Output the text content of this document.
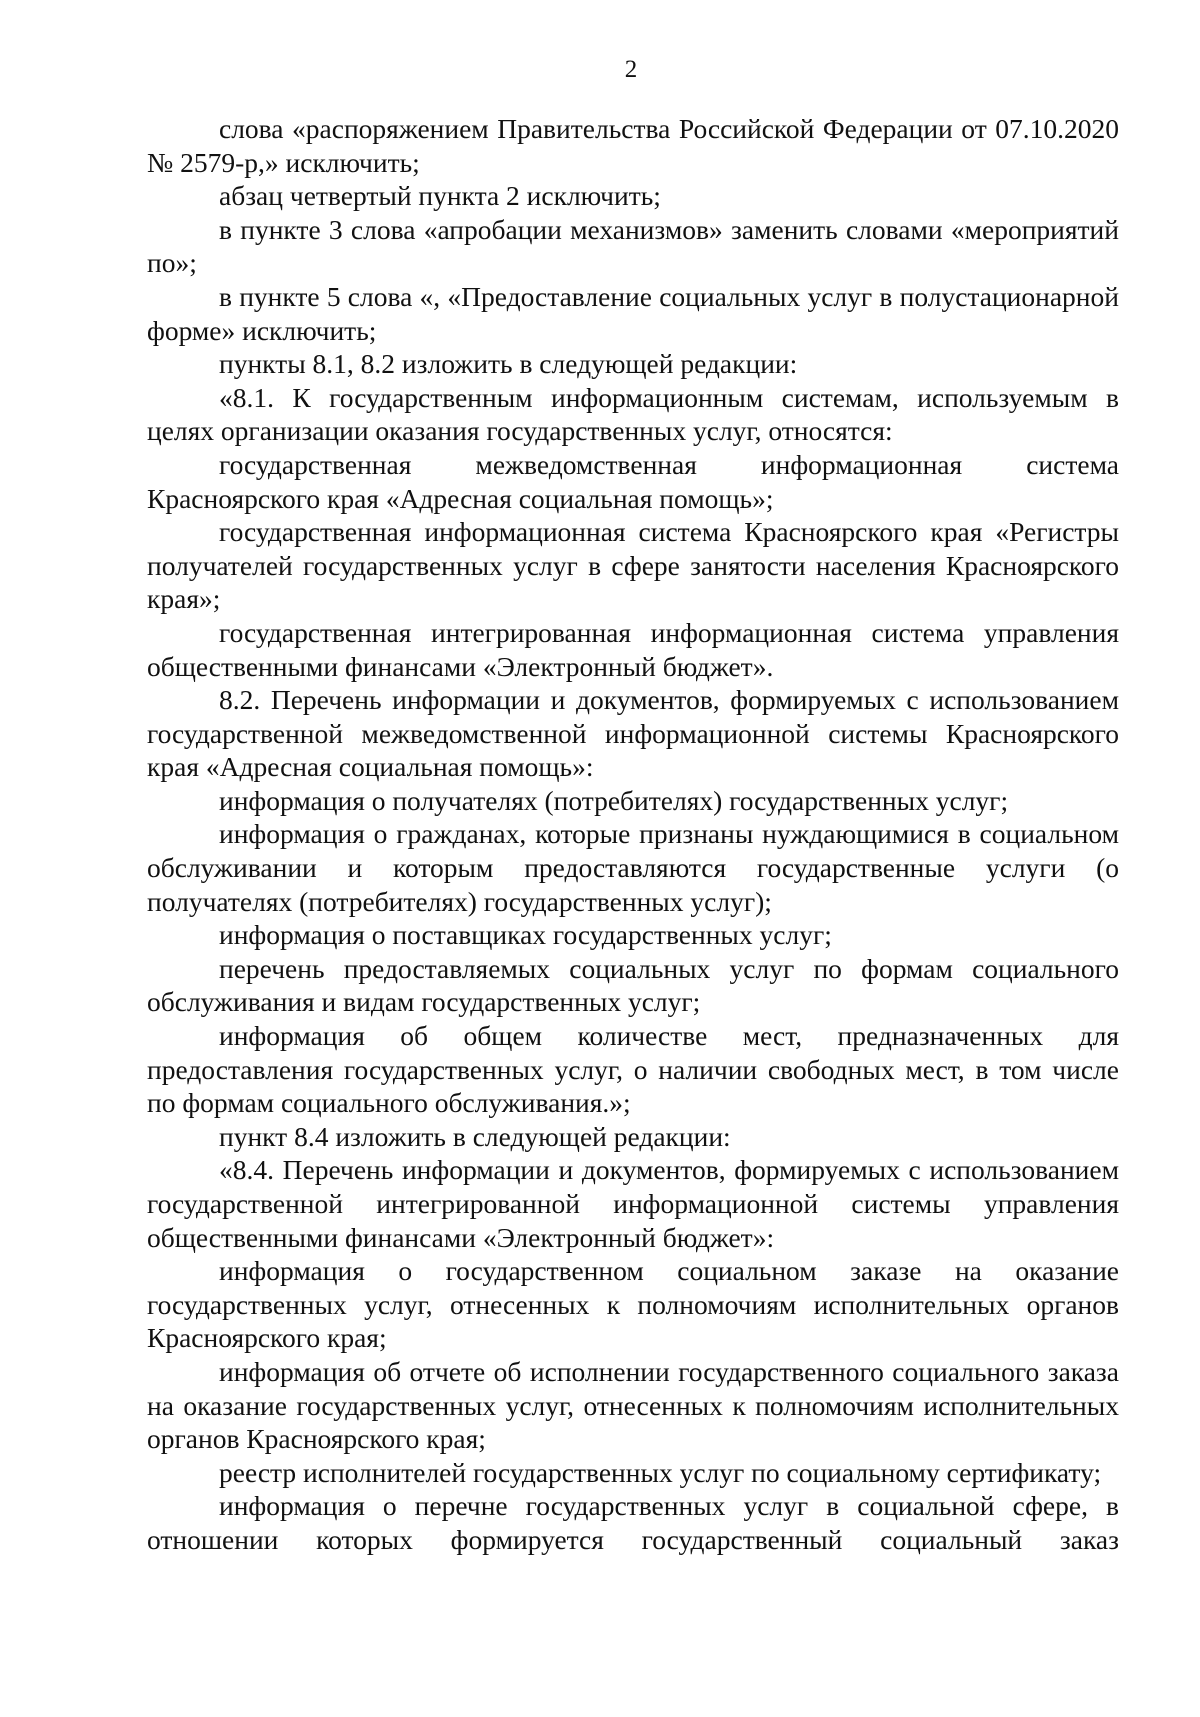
2

слова «распоряжением Правительства Российской Федерации от 07.10.2020 № 2579-р,» исключить;

абзац четвертый пункта 2 исключить;

в пункте 3 слова «апробации механизмов» заменить словами «мероприятий по»;

в пункте 5 слова «, «Предоставление социальных услуг в полустационарной форме» исключить;

пункты 8.1, 8.2 изложить в следующей редакции:

«8.1. К государственным информационным системам, используемым в целях организации оказания государственных услуг, относятся:

государственная межведомственная информационная система Красноярского края «Адресная социальная помощь»;

государственная информационная система Красноярского края «Регистры получателей государственных услуг в сфере занятости населения Красноярского края»;

государственная интегрированная информационная система управления общественными финансами «Электронный бюджет».

8.2. Перечень информации и документов, формируемых с использованием государственной межведомственной информационной системы Красноярского края «Адресная социальная помощь»:

информация о получателях (потребителях) государственных услуг;

информация о гражданах, которые признаны нуждающимися в социальном обслуживании и которым предоставляются государственные услуги (о получателях (потребителях) государственных услуг);

информация о поставщиках государственных услуг;

перечень предоставляемых социальных услуг по формам социального обслуживания и видам государственных услуг;

информация об общем количестве мест, предназначенных для предоставления государственных услуг, о наличии свободных мест, в том числе по формам социального обслуживания.»;

пункт 8.4 изложить в следующей редакции:

«8.4. Перечень информации и документов, формируемых с использованием государственной интегрированной информационной системы управления общественными финансами «Электронный бюджет»:

информация о государственном социальном заказе на оказание государственных услуг, отнесенных к полномочиям исполнительных органов Красноярского края;

информация об отчете об исполнении государственного социального заказа на оказание государственных услуг, отнесенных к полномочиям исполнительных органов Красноярского края;

реестр исполнителей государственных услуг по социальному сертификату;

информация о перечне государственных услуг в социальной сфере, в отношении которых формируется государственный социальный заказ
